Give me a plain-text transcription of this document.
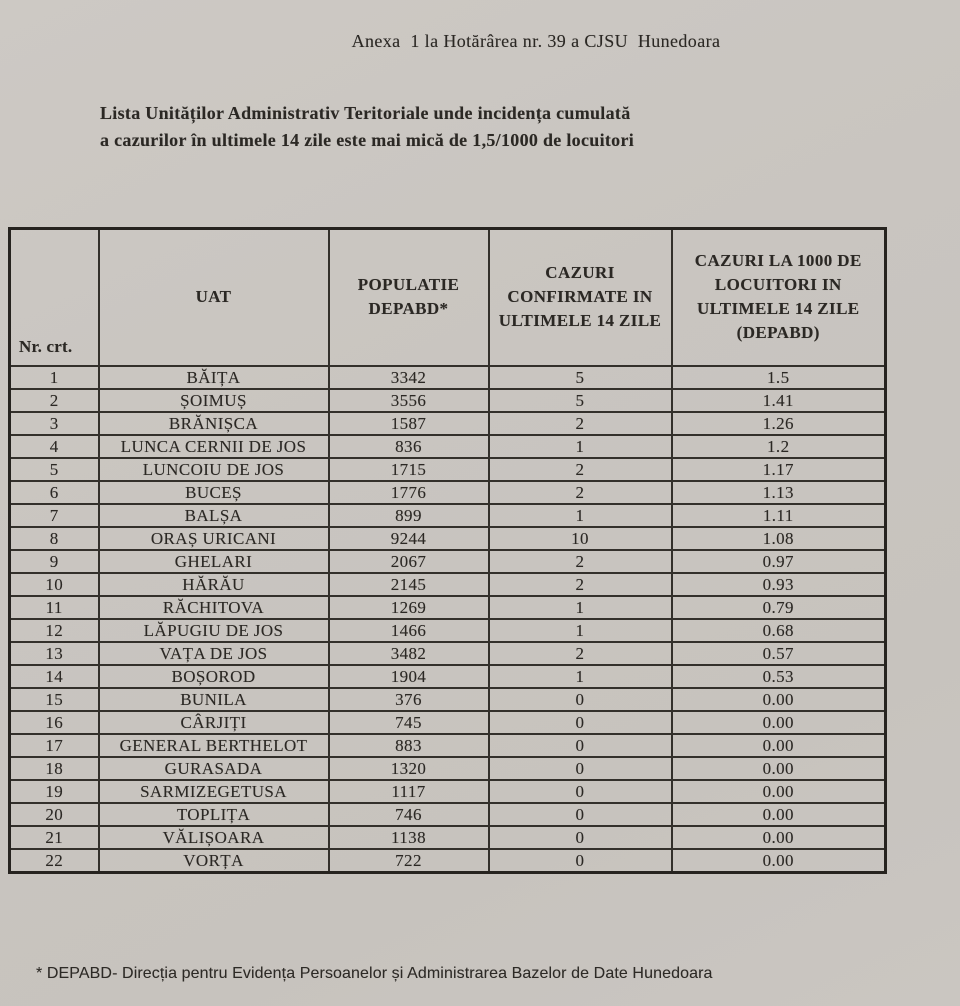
Anexa  1 la Hotărârea nr. 39 a CJSU  Hunedoara
Lista Unităților Administrativ Teritoriale unde incidența cumulată
a cazurilor în ultimele 14 zile este mai mică de 1,5/1000 de locuitori
Nr. crt.	UAT	POPULATIE DEPABD*	CAZURI CONFIRMATE IN ULTIMELE 14 ZILE	CAZURI LA 1000 DE LOCUITORI IN ULTIMELE 14 ZILE (DEPABD)
1	BĂIȚA	3342	5	1.5
2	ȘOIMUȘ	3556	5	1.41
3	BRĂNIȘCA	1587	2	1.26
4	LUNCA CERNII DE JOS	836	1	1.2
5	LUNCOIU DE JOS	1715	2	1.17
6	BUCEȘ	1776	2	1.13
7	BALȘA	899	1	1.11
8	ORAȘ URICANI	9244	10	1.08
9	GHELARI	2067	2	0.97
10	HĂRĂU	2145	2	0.93
11	RĂCHITOVA	1269	1	0.79
12	LĂPUGIU DE JOS	1466	1	0.68
13	VAȚA DE JOS	3482	2	0.57
14	BOȘOROD	1904	1	0.53
15	BUNILA	376	0	0.00
16	CÂRJIȚI	745	0	0.00
17	GENERAL BERTHELOT	883	0	0.00
18	GURASADA	1320	0	0.00
19	SARMIZEGETUSA	1117	0	0.00
20	TOPLIȚA	746	0	0.00
21	VĂLIȘOARA	1138	0	0.00
22	VORȚA	722	0	0.00
* DEPABD- Direcția pentru Evidența Persoanelor și Administrarea Bazelor de Date Hunedoara
